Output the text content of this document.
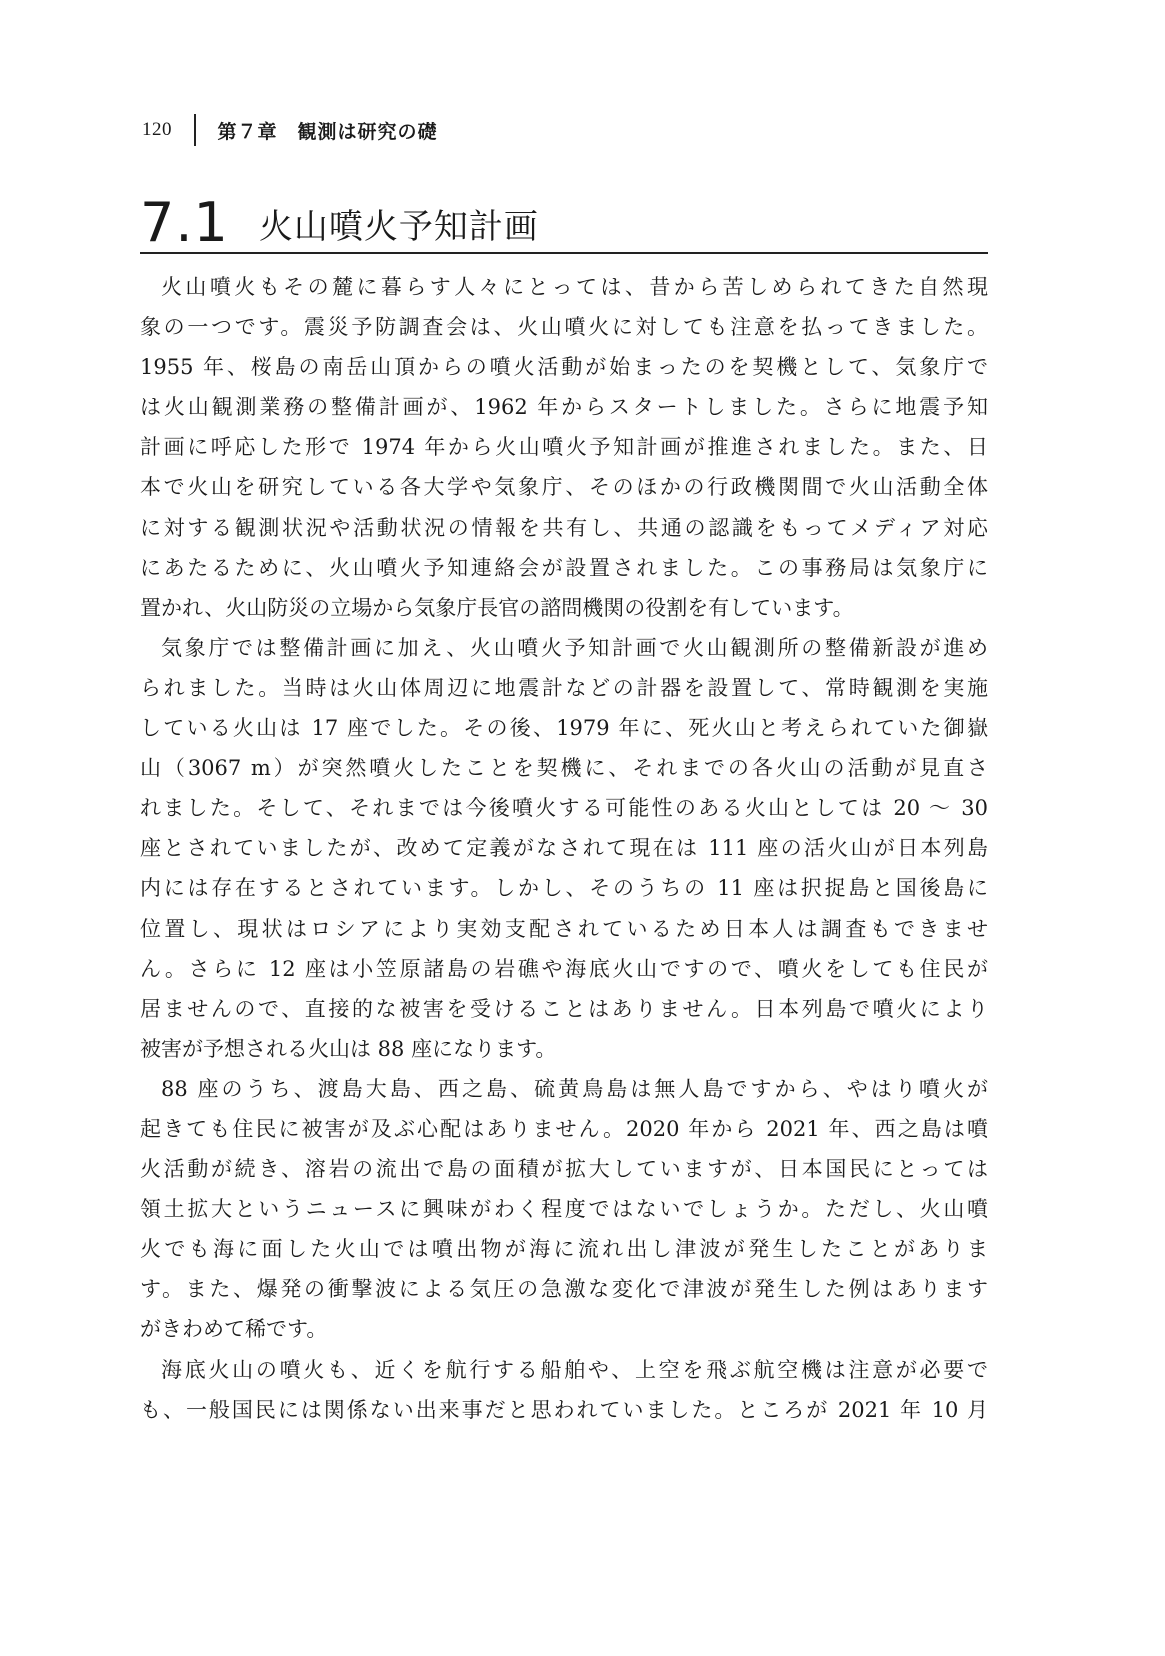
120 第７章　観測は研究の礎
7.1 火山噴火予知計画
火山噴火もその麓に暮らす人々にとっては、昔から苦しめられてきた自然現
象の一つです。震災予防調査会は、火山噴火に対しても注意を払ってきました。
1955 年、桜島の南岳山頂からの噴火活動が始まったのを契機として、気象庁で
は火山観測業務の整備計画が、1962 年からスタートしました。さらに地震予知
計画に呼応した形で 1974 年から火山噴火予知計画が推進されました。また、日
本で火山を研究している各大学や気象庁、そのほかの行政機関間で火山活動全体
に対する観測状況や活動状況の情報を共有し、共通の認識をもってメディア対応
にあたるために、火山噴火予知連絡会が設置されました。この事務局は気象庁に
置かれ、火山防災の立場から気象庁長官の諮問機関の役割を有しています。
気象庁では整備計画に加え、火山噴火予知計画で火山観測所の整備新設が進め
られました。当時は火山体周辺に地震計などの計器を設置して、常時観測を実施
している火山は 17 座でした。その後、1979 年に、死火山と考えられていた御嶽
山（3067 m）が突然噴火したことを契機に、それまでの各火山の活動が見直さ
れました。そして、それまでは今後噴火する可能性のある火山としては 20 ～ 30
座とされていましたが、改めて定義がなされて現在は 111 座の活火山が日本列島
内には存在するとされています。しかし、そのうちの 11 座は択捉島と国後島に
位置し、現状はロシアにより実効支配されているため日本人は調査もできませ
ん。さらに 12 座は小笠原諸島の岩礁や海底火山ですので、噴火をしても住民が
居ませんので、直接的な被害を受けることはありません。日本列島で噴火により
被害が予想される火山は 88 座になります。
88 座のうち、渡島大島、西之島、硫黄鳥島は無人島ですから、やはり噴火が
起きても住民に被害が及ぶ心配はありません。2020 年から 2021 年、西之島は噴
火活動が続き、溶岩の流出で島の面積が拡大していますが、日本国民にとっては
領土拡大というニュースに興味がわく程度ではないでしょうか。ただし、火山噴
火でも海に面した火山では噴出物が海に流れ出し津波が発生したことがありま
す。また、爆発の衝撃波による気圧の急激な変化で津波が発生した例はあります
がきわめて稀です。
海底火山の噴火も、近くを航行する船舶や、上空を飛ぶ航空機は注意が必要で
も、一般国民には関係ない出来事だと思われていました。ところが 2021 年 10 月
